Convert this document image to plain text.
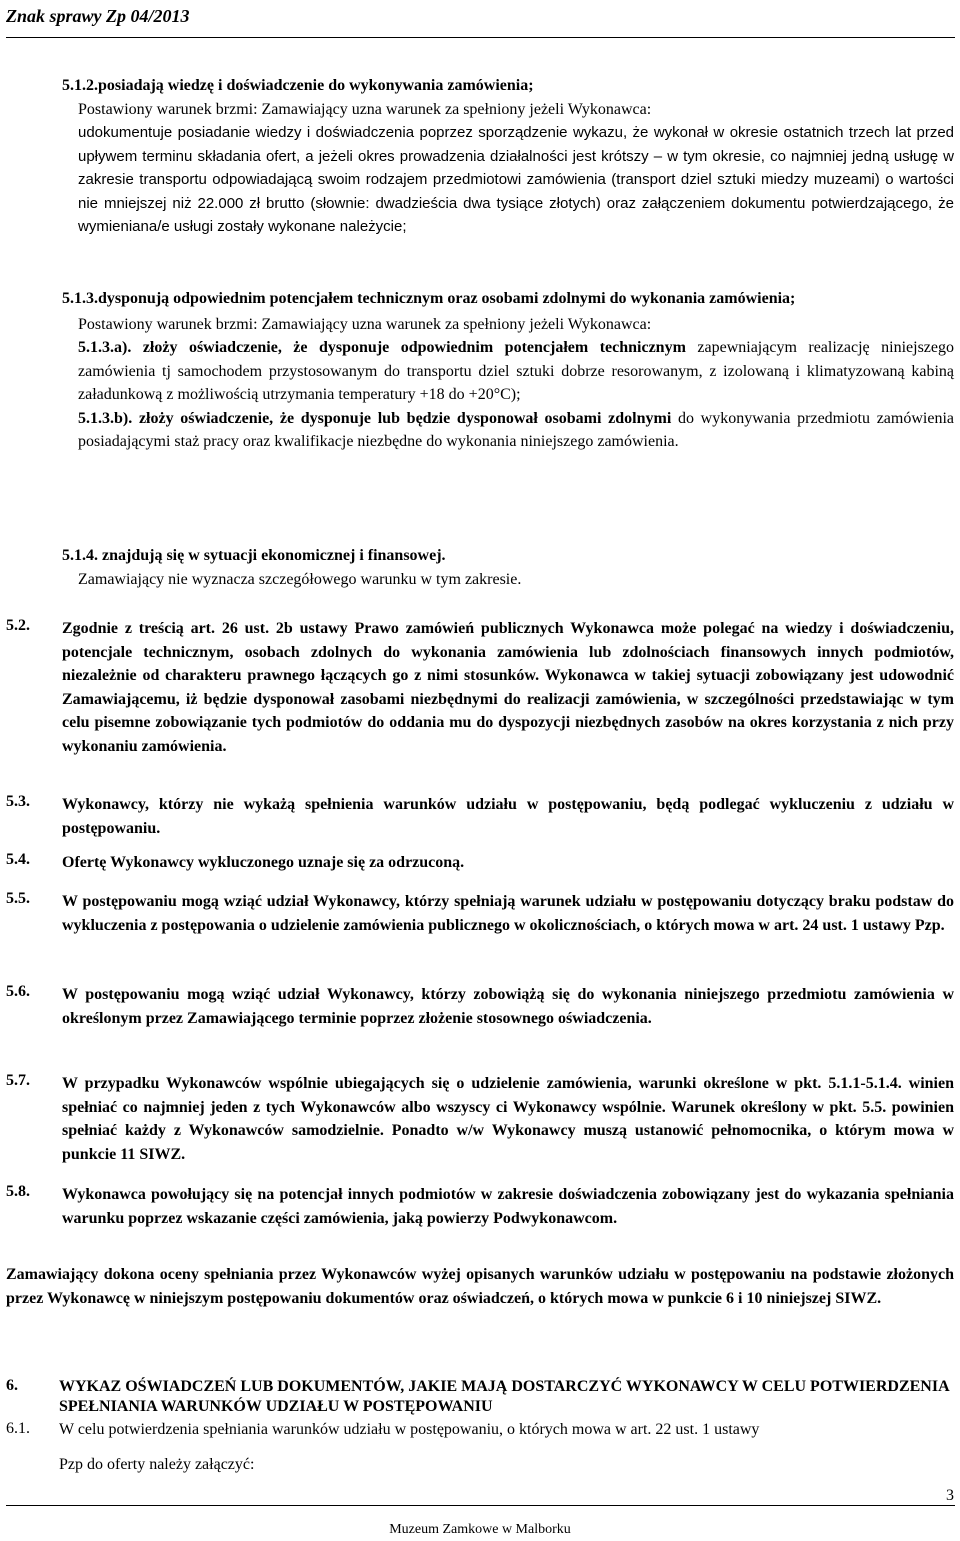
Znak sprawy Zp 04/2013

5.1.2.posiadają wiedzę i doświadczenie do wykonywania zamówienia;

Postawiony warunek brzmi: Zamawiający uzna warunek za spełniony jeżeli Wykonawca:

udokumentuje posiadanie wiedzy i doświadczenia poprzez sporządzenie wykazu, że wykonał w okresie ostatnich trzech lat przed upływem terminu składania ofert, a jeżeli okres prowadzenia działalności jest krótszy – w tym okresie, co najmniej jedną usługę w zakresie transportu odpowiadającą swoim rodzajem przedmiotowi zamówienia (transport dziel sztuki miedzy muzeami) o wartości nie mniejszej niż 22.000 zł brutto (słownie: dwadzieścia dwa tysiące złotych) oraz załączeniem dokumentu potwierdzającego, że wymieniana/e usługi zostały wykonane należycie;

5.1.3.dysponują odpowiednim potencjałem technicznym oraz osobami zdolnymi do wykonania zamówienia;

Postawiony warunek brzmi: Zamawiający uzna warunek za spełniony jeżeli Wykonawca:

5.1.3.a). złoży oświadczenie, że dysponuje odpowiednim potencjałem technicznym zapewniającym realizację niniejszego zamówienia tj samochodem przystosowanym do transportu dziel sztuki dobrze resorowanym, z izolowaną i klimatyzowaną kabiną załadunkową z możliwością utrzymania temperatury +18 do +20°C);

5.1.3.b). złoży oświadczenie, że dysponuje lub będzie dysponował osobami zdolnymi do wykonywania przedmiotu zamówienia posiadającymi staż pracy oraz kwalifikacje niezbędne do wykonania niniejszego zamówienia.

5.1.4. znajdują się w sytuacji ekonomicznej i finansowej.

Zamawiający nie wyznacza szczegółowego warunku w tym zakresie.

5.2. Zgodnie z treścią art. 26 ust. 2b ustawy Prawo zamówień publicznych Wykonawca może polegać na wiedzy i doświadczeniu, potencjale technicznym, osobach zdolnych do wykonania zamówienia lub zdolnościach finansowych innych podmiotów, niezależnie od charakteru prawnego łączących go z nimi stosunków. Wykonawca w takiej sytuacji zobowiązany jest udowodnić Zamawiającemu, iż będzie dysponował zasobami niezbędnymi do realizacji zamówienia, w szczególności przedstawiając w tym celu pisemne zobowiązanie tych podmiotów do oddania mu do dyspozycji niezbędnych zasobów na okres korzystania z nich przy wykonaniu zamówienia.

5.3. Wykonawcy, którzy nie wykażą spełnienia warunków udziału w postępowaniu, będą podlegać wykluczeniu z udziału w postępowaniu.

5.4. Ofertę Wykonawcy wykluczonego uznaje się za odrzuconą.

5.5. W postępowaniu mogą wziąć udział Wykonawcy, którzy spełniają warunek udziału w postępowaniu dotyczący braku podstaw do wykluczenia z postępowania o udzielenie zamówienia publicznego w okolicznościach, o których mowa w art. 24 ust. 1 ustawy Pzp.

5.6. W postępowaniu mogą wziąć udział Wykonawcy, którzy zobowiążą się do wykonania niniejszego przedmiotu zamówienia w określonym przez Zamawiającego terminie poprzez złożenie stosownego oświadczenia.

5.7. W przypadku Wykonawców wspólnie ubiegających się o udzielenie zamówienia, warunki określone w pkt. 5.1.1-5.1.4. winien spełniać co najmniej jeden z tych Wykonawców albo wszyscy ci Wykonawcy wspólnie. Warunek określony w pkt. 5.5. powinien spełniać każdy z Wykonawców samodzielnie. Ponadto w/w Wykonawcy muszą ustanowić pełnomocnika, o którym mowa w punkcie 11 SIWZ.

5.8. Wykonawca powołujący się na potencjał innych podmiotów w zakresie doświadczenia zobowiązany jest do wykazania spełniania warunku poprzez wskazanie części zamówienia, jaką powierzy Podwykonawcom.

Zamawiający dokona oceny spełniania przez Wykonawców wyżej opisanych warunków udziału w postępowaniu na podstawie złożonych przez Wykonawcę w niniejszym postępowaniu dokumentów oraz oświadczeń, o których mowa w punkcie 6 i 10 niniejszej SIWZ.

6.	WYKAZ OŚWIADCZEŃ LUB DOKUMENTÓW, JAKIE MAJĄ DOSTARCZYĆ WYKONAWCY W CELU POTWIERDZENIA SPEŁNIANIA WARUNKÓW UDZIAŁU W POSTĘPOWANIU

6.1. W celu potwierdzenia spełniania warunków udziału w postępowaniu, o których mowa w art. 22 ust. 1 ustawy

Pzp do oferty należy załączyć:

3
Muzeum Zamkowe w Malborku
